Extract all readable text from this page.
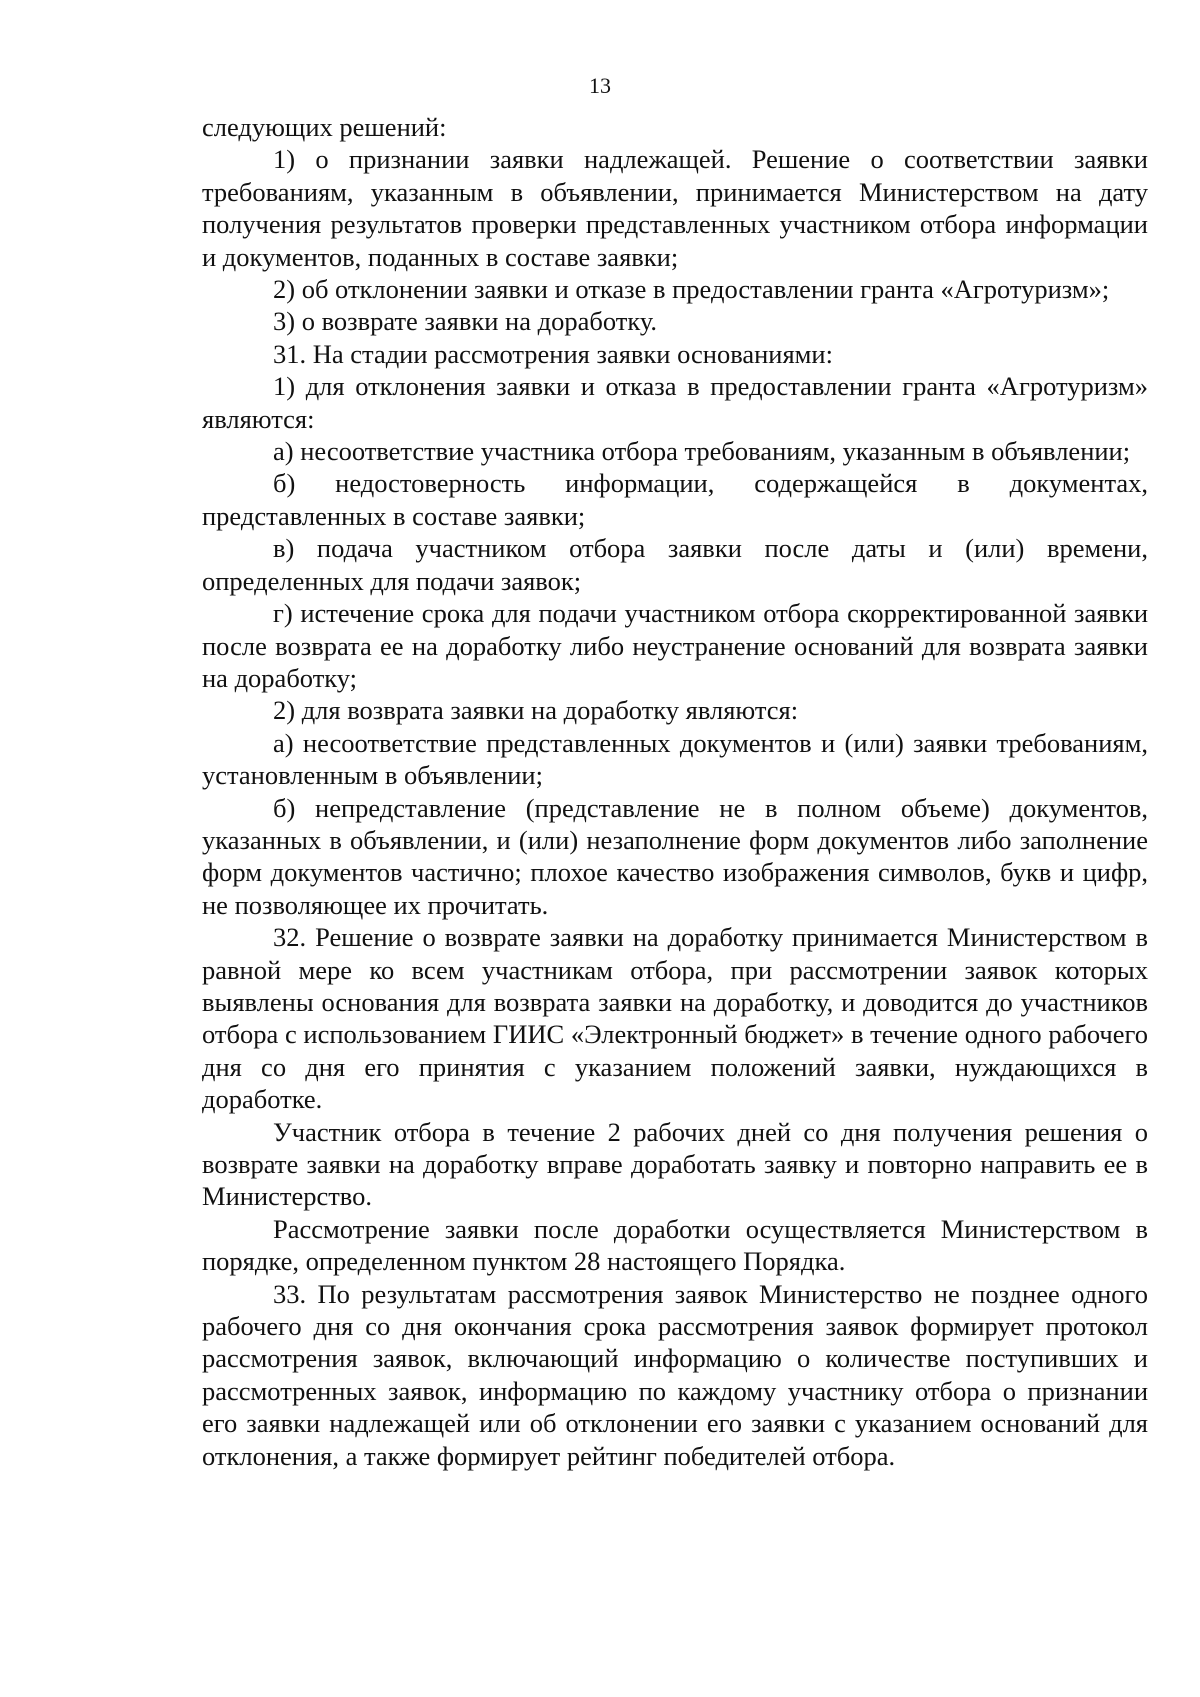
13

следующих решений:

1) о признании заявки надлежащей. Решение о соответствии заявки требованиям, указанным в объявлении, принимается Министерством на дату получения результатов проверки представленных участником отбора информации и документов, поданных в составе заявки;

2) об отклонении заявки и отказе в предоставлении гранта «Агротуризм»;

3) о возврате заявки на доработку.

31. На стадии рассмотрения заявки основаниями:

1) для отклонения заявки и отказа в предоставлении гранта «Агротуризм» являются:

а) несоответствие участника отбора требованиям, указанным в объявлении;

б) недостоверность информации, содержащейся в документах, представленных в составе заявки;

в) подача участником отбора заявки после даты и (или) времени, определенных для подачи заявок;

г) истечение срока для подачи участником отбора скорректированной заявки после возврата ее на доработку либо неустранение оснований для возврата заявки на доработку;

2) для возврата заявки на доработку являются:

а) несоответствие представленных документов и (или) заявки требованиям, установленным в объявлении;

б) непредставление (представление не в полном объеме) документов, указанных в объявлении, и (или) незаполнение форм документов либо заполнение форм документов частично; плохое качество изображения символов, букв и цифр, не позволяющее их прочитать.

32. Решение о возврате заявки на доработку принимается Министерством в равной мере ко всем участникам отбора, при рассмотрении заявок которых выявлены основания для возврата заявки на доработку, и доводится до участников отбора с использованием ГИИС «Электронный бюджет» в течение одного рабочего дня со дня его принятия с указанием положений заявки, нуждающихся в доработке.

Участник отбора в течение 2 рабочих дней со дня получения решения о возврате заявки на доработку вправе доработать заявку и повторно направить ее в Министерство.

Рассмотрение заявки после доработки осуществляется Министерством в порядке, определенном пунктом 28 настоящего Порядка.

33. По результатам рассмотрения заявок Министерство не позднее одного рабочего дня со дня окончания срока рассмотрения заявок формирует протокол рассмотрения заявок, включающий информацию о количестве поступивших и рассмотренных заявок, информацию по каждому участнику отбора о признании его заявки надлежащей или об отклонении его заявки с указанием оснований для отклонения, а также формирует рейтинг победителей отбора.
